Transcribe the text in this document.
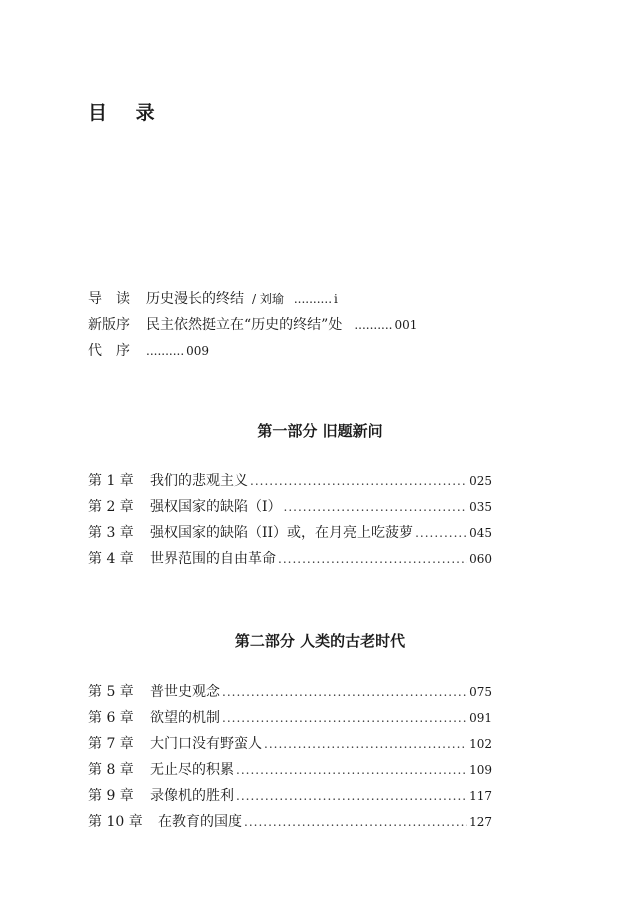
目 录
导　读	历史漫长的终结 / 刘瑜 .......... i
新版序	民主依然挺立在“历史的终结”处 .......... 001
代　序	.......... 009
第一部分 旧题新问
第 1 章	我们的悲观主义 .....	025
第 2 章	强权国家的缺陷（I） .....	035
第 3 章	强权国家的缺陷（II）或，在月亮上吃菠萝 .....	045
第 4 章	世界范围的自由革命 .....	060
第二部分 人类的古老时代
第 5 章	普世史观念 .....	075
第 6 章	欲望的机制 .....	091
第 7 章	大门口没有野蛮人 .....	102
第 8 章	无止尽的积累 .....	109
第 9 章	录像机的胜利 .....	117
第 10 章	在教育的国度 .....	127
